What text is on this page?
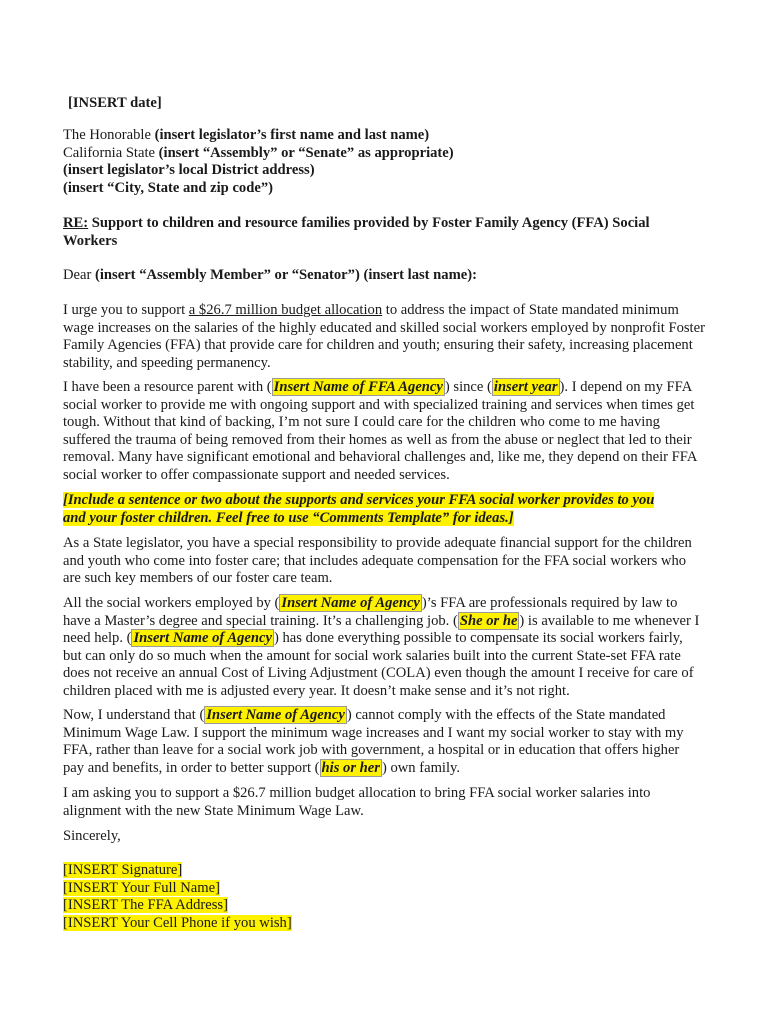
[INSERT date]
The Honorable (insert legislator’s first name and last name)
California State (insert “Assembly” or “Senate” as appropriate)
(insert legislator’s local District address)
(insert “City, State and zip code”)
RE: Support to children and resource families provided by Foster Family Agency (FFA) Social
Workers
Dear (insert “Assembly Member” or “Senator”) (insert last name):
I urge you to support a $26.7 million budget allocation to address the impact of State mandated minimum
wage increases on the salaries of the highly educated and skilled social workers employed by nonprofit Foster
Family Agencies (FFA) that provide care for children and youth; ensuring their safety, increasing placement
stability, and speeding permanency.
I have been a resource parent with ( Insert Name of FFA Agency ) since ( insert year ). I depend on my FFA
social worker to provide me with ongoing support and with specialized training and services when times get
tough. Without that kind of backing, I’m not sure I could care for the children who come to me having
suffered the trauma of being removed from their homes as well as from the abuse or neglect that led to their
removal. Many have significant emotional and behavioral challenges and, like me, they depend on their FFA
social worker to offer compassionate support and needed services.
[Include a sentence or two about the supports and services your FFA social worker provides to you
and your foster children. Feel free to use “Comments Template” for ideas.]
As a State legislator, you have a special responsibility to provide adequate financial support for the children
and youth who come into foster care; that includes adequate compensation for the FFA social workers who
are such key members of our foster care team.
All the social workers employed by ( Insert Name of Agency )’s FFA are professionals required by law to
have a Master’s degree and special training. It’s a challenging job. ( She or he ) is available to me whenever I
need help. ( Insert Name of Agency ) has done everything possible to compensate its social workers fairly,
but can only do so much when the amount for social work salaries built into the current State-set FFA rate
does not receive an annual Cost of Living Adjustment (COLA) even though the amount I receive for care of
children placed with me is adjusted every year. It doesn’t make sense and it’s not right.
Now, I understand that ( Insert Name of Agency ) cannot comply with the effects of the State mandated
Minimum Wage Law. I support the minimum wage increases and I want my social worker to stay with my
FFA, rather than leave for a social work job with government, a hospital or in education that offers higher
pay and benefits, in order to better support ( his or her ) own family.
I am asking you to support a $26.7 million budget allocation to bring FFA social worker salaries into
alignment with the new State Minimum Wage Law.
Sincerely,
[INSERT Signature]
[INSERT Your Full Name]
[INSERT The FFA Address]
[INSERT Your Cell Phone if you wish]
